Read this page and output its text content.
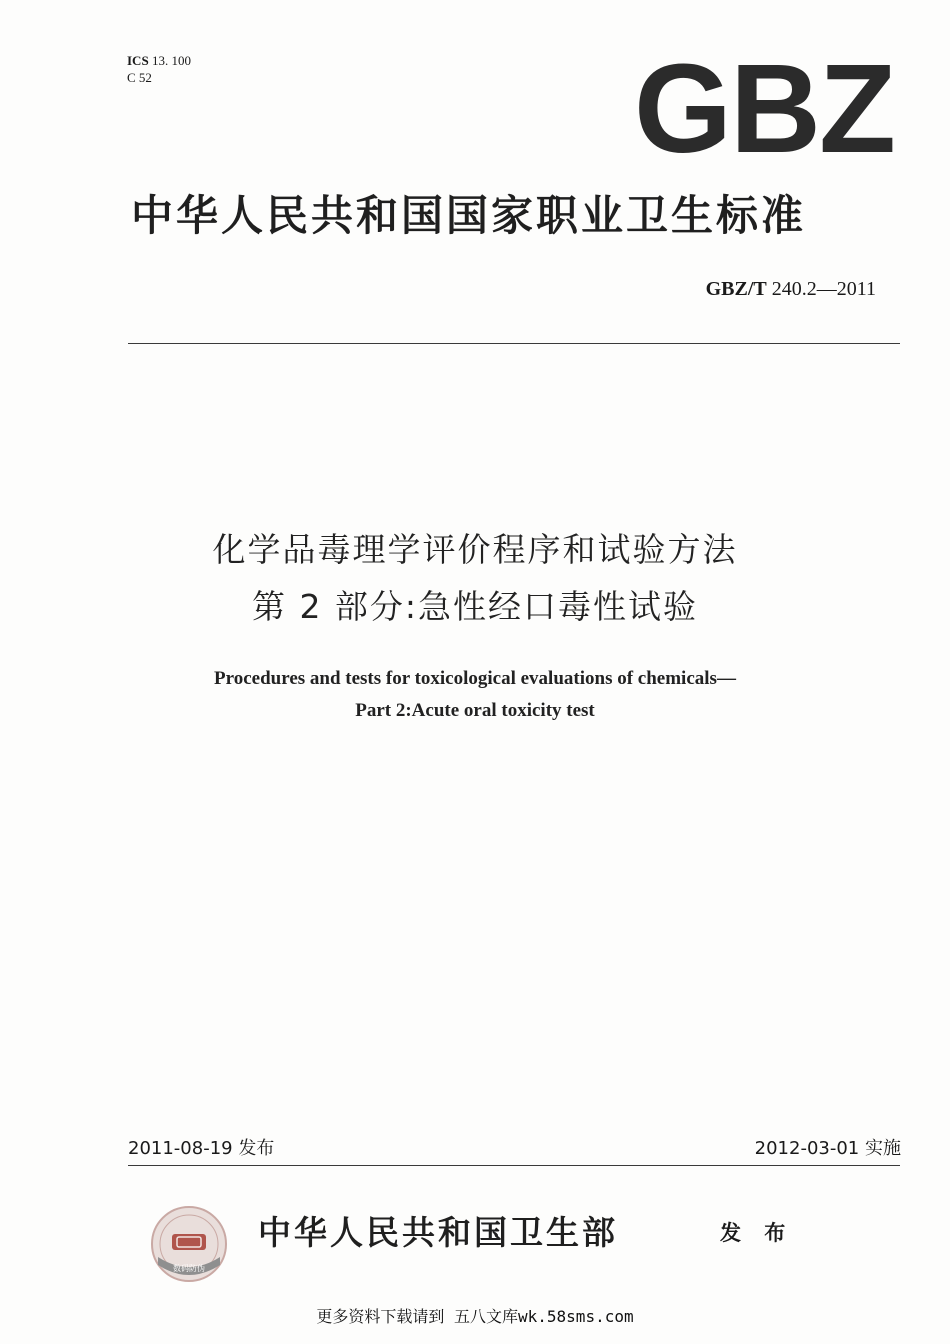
ICS 13. 100
C 52	GBZ
中华人民共和国国家职业卫生标准
GBZ/T 240.2—2011
化学品毒理学评价程序和试验方法
第 2 部分:急性经口毒性试验
Procedures and tests for toxicological evaluations of chemicals—
Part 2:Acute oral toxicity test
2011-08-19 发布	2012-03-01 实施
数码防伪
中华人民共和国卫生部	发 布
更多资料下载请到 五八文库wk.58sms.com
